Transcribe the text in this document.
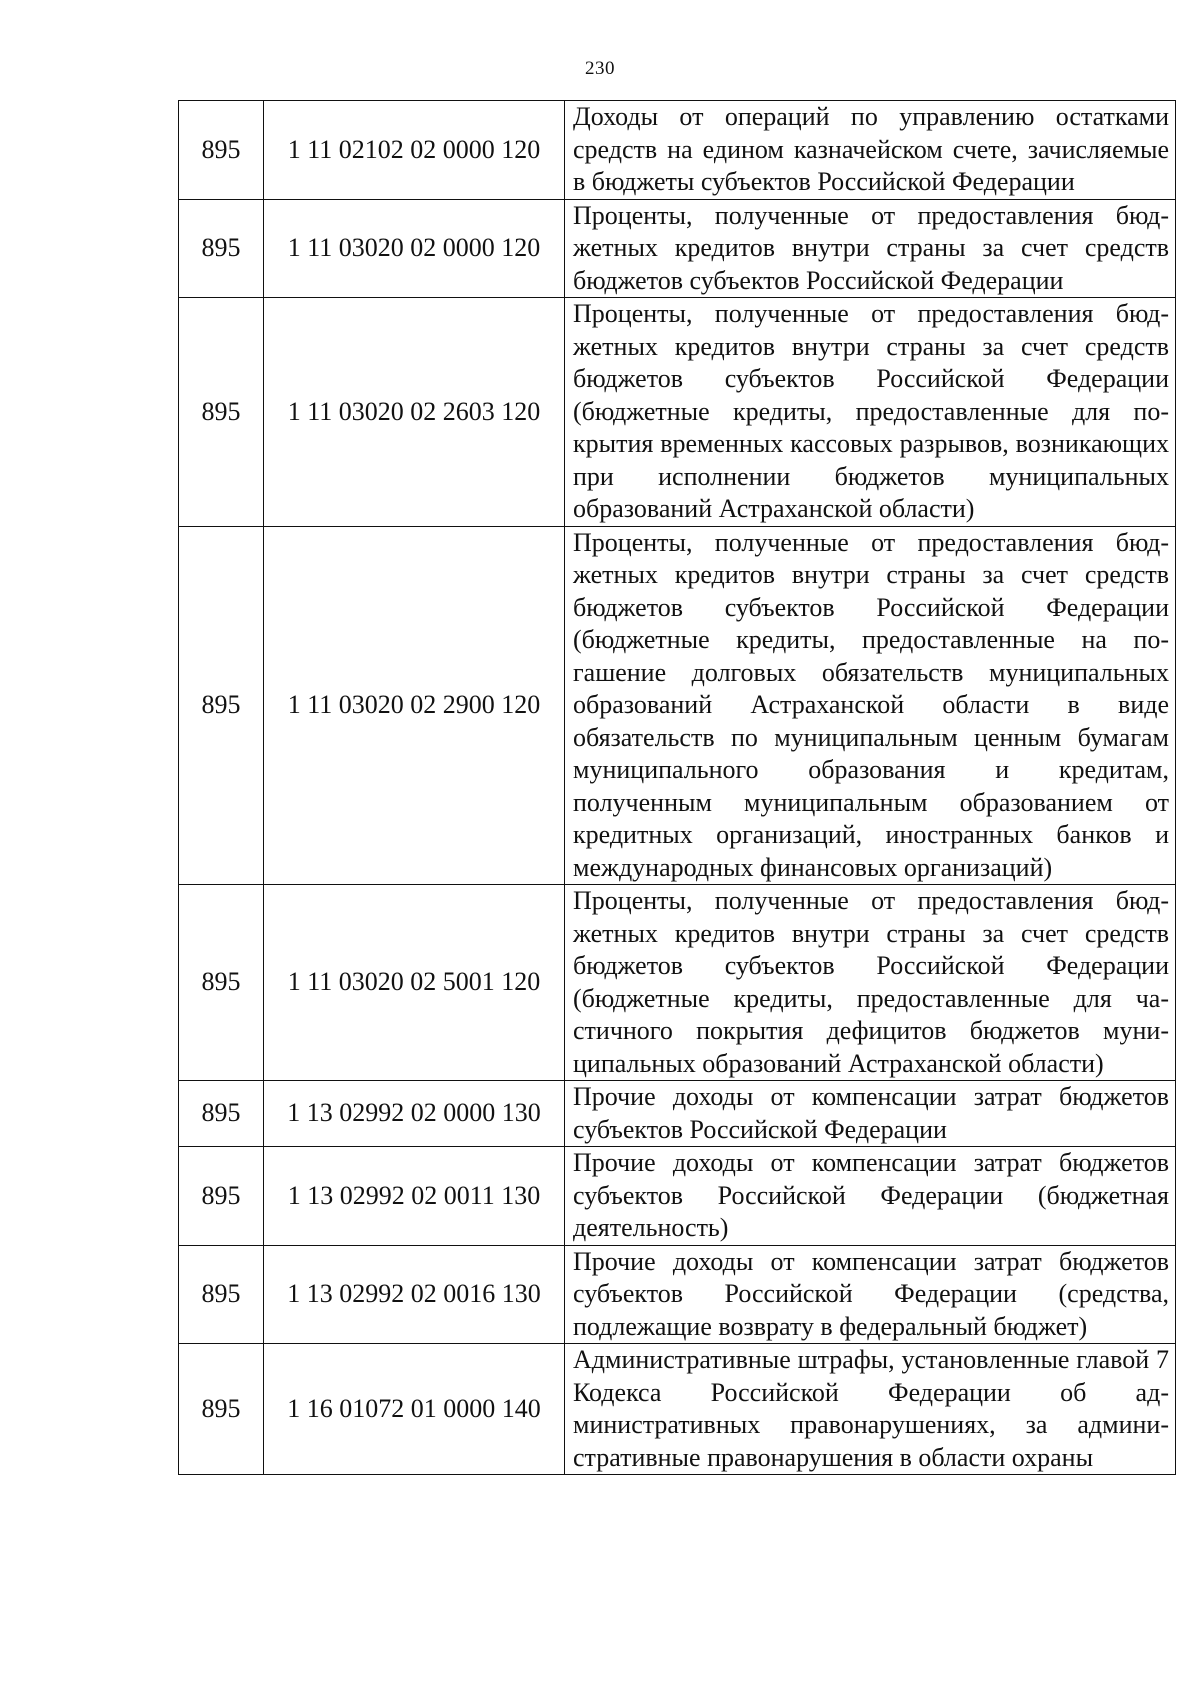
230
895	1 11 02102 02 0000 120	Доходы от операций по управлению остатками средств на едином казначейском счете, зачисляемые в бюджеты субъектов Российской Федерации

895	1 11 03020 02 0000 120	Проценты, полученные от предоставления бюджетных кредитов внутри страны за счет средств бюджетов субъектов Российской Федерации

895	1 11 03020 02 2603 120	Проценты, полученные от предоставления бюджетных кредитов внутри страны за счет средств бюджетов субъектов Российской Федерации (бюджетные кредиты, предоставленные для покрытия временных кассовых разрывов, возникающих при исполнении бюджетов муниципальных образований Астраханской области)

895	1 11 03020 02 2900 120	Проценты, полученные от предоставления бюджетных кредитов внутри страны за счет средств бюджетов субъектов Российской Федерации (бюджетные кредиты, предоставленные на погашение долговых обязательств муниципальных образований Астраханской области в виде обязательств по муниципальным ценным бумагам муниципального образования и кредитам, полученным муниципальным образованием от кредитных организаций, иностранных банков и международных финансовых организаций)

895	1 11 03020 02 5001 120	Проценты, полученные от предоставления бюджетных кредитов внутри страны за счет средств бюджетов субъектов Российской Федерации (бюджетные кредиты, предоставленные для частичного покрытия дефицитов бюджетов муниципальных образований Астраханской области)

895	1 13 02992 02 0000 130	Прочие доходы от компенсации затрат бюджетов субъектов Российской Федерации

895	1 13 02992 02 0011 130	Прочие доходы от компенсации затрат бюджетов субъектов Российской Федерации (бюджетная деятельность)

895	1 13 02992 02 0016 130	Прочие доходы от компенсации затрат бюджетов субъектов Российской Федерации (средства, подлежащие возврату в федеральный бюджет)

895	1 16 01072 01 0000 140	Административные штрафы, установленные главой 7 Кодекса Российской Федерации об административных правонарушениях, за административные правонарушения в области охраны
